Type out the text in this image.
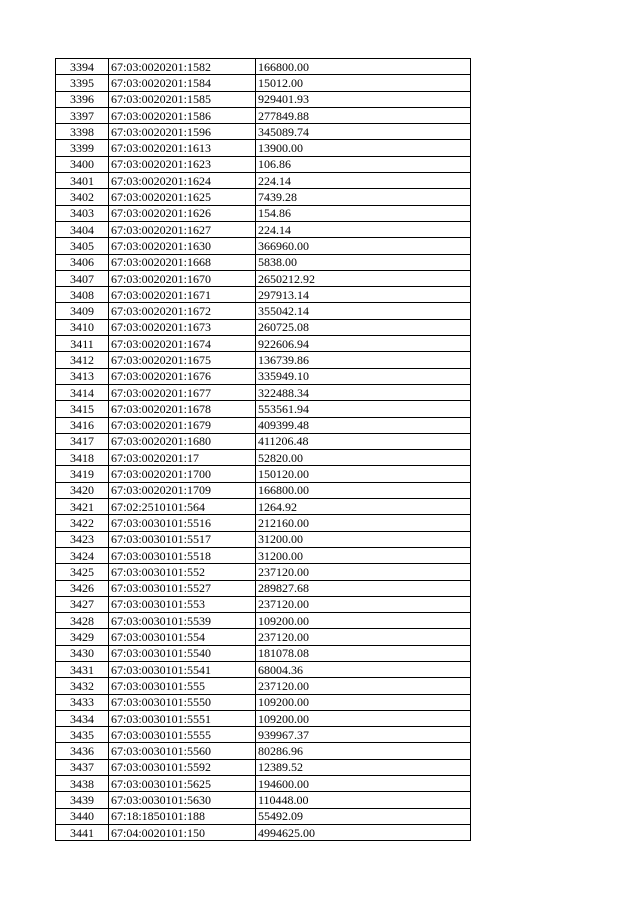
3394	67:03:0020201:1582	166800.00
3395	67:03:0020201:1584	15012.00
3396	67:03:0020201:1585	929401.93
3397	67:03:0020201:1586	277849.88
3398	67:03:0020201:1596	345089.74
3399	67:03:0020201:1613	13900.00
3400	67:03:0020201:1623	106.86
3401	67:03:0020201:1624	224.14
3402	67:03:0020201:1625	7439.28
3403	67:03:0020201:1626	154.86
3404	67:03:0020201:1627	224.14
3405	67:03:0020201:1630	366960.00
3406	67:03:0020201:1668	5838.00
3407	67:03:0020201:1670	2650212.92
3408	67:03:0020201:1671	297913.14
3409	67:03:0020201:1672	355042.14
3410	67:03:0020201:1673	260725.08
3411	67:03:0020201:1674	922606.94
3412	67:03:0020201:1675	136739.86
3413	67:03:0020201:1676	335949.10
3414	67:03:0020201:1677	322488.34
3415	67:03:0020201:1678	553561.94
3416	67:03:0020201:1679	409399.48
3417	67:03:0020201:1680	411206.48
3418	67:03:0020201:17	52820.00
3419	67:03:0020201:1700	150120.00
3420	67:03:0020201:1709	166800.00
3421	67:02:2510101:564	1264.92
3422	67:03:0030101:5516	212160.00
3423	67:03:0030101:5517	31200.00
3424	67:03:0030101:5518	31200.00
3425	67:03:0030101:552	237120.00
3426	67:03:0030101:5527	289827.68
3427	67:03:0030101:553	237120.00
3428	67:03:0030101:5539	109200.00
3429	67:03:0030101:554	237120.00
3430	67:03:0030101:5540	181078.08
3431	67:03:0030101:5541	68004.36
3432	67:03:0030101:555	237120.00
3433	67:03:0030101:5550	109200.00
3434	67:03:0030101:5551	109200.00
3435	67:03:0030101:5555	939967.37
3436	67:03:0030101:5560	80286.96
3437	67:03:0030101:5592	12389.52
3438	67:03:0030101:5625	194600.00
3439	67:03:0030101:5630	110448.00
3440	67:18:1850101:188	55492.09
3441	67:04:0020101:150	4994625.00
